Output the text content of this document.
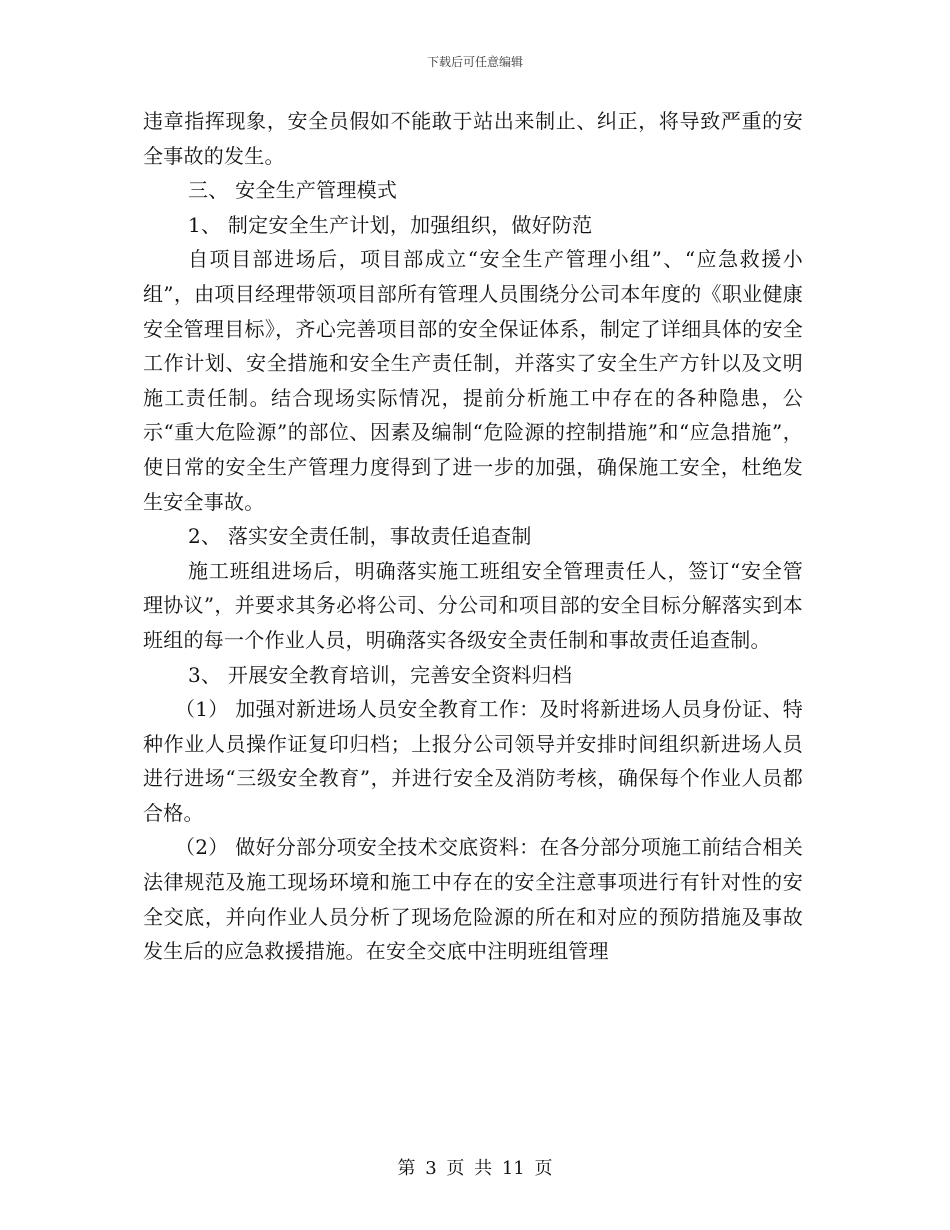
下载后可任意编辑

违章指挥现象，安全员假如不能敢于站出来制止、纠正，将导致严重的安全事故的发生。

三、 安全生产管理模式

1、 制定安全生产计划，加强组织，做好防范

自项目部进场后，项目部成立“安全生产管理小组”、“应急救援小组”，由项目经理带领项目部所有管理人员围绕分公司本年度的《职业健康安全管理目标》，齐心完善项目部的安全保证体系，制定了详细具体的安全工作计划、安全措施和安全生产责任制，并落实了安全生产方针以及文明施工责任制。结合现场实际情况，提前分析施工中存在的各种隐患，公示“重大危险源”的部位、因素及编制“危险源的控制措施”和“应急措施”，使日常的安全生产管理力度得到了进一步的加强，确保施工安全，杜绝发生安全事故。

2、 落实安全责任制，事故责任追查制

施工班组进场后，明确落实施工班组安全管理责任人，签订“安全管理协议”，并要求其务必将公司、分公司和项目部的安全目标分解落实到本班组的每一个作业人员，明确落实各级安全责任制和事故责任追查制。

3、 开展安全教育培训，完善安全资料归档

（1） 加强对新进场人员安全教育工作：及时将新进场人员身份证、特种作业人员操作证复印归档；上报分公司领导并安排时间组织新进场人员进行进场“三级安全教育”，并进行安全及消防考核，确保每个作业人员都合格。

（2） 做好分部分项安全技术交底资料：在各分部分项施工前结合相关法律规范及施工现场环境和施工中存在的安全注意事项进行有针对性的安全交底，并向作业人员分析了现场危险源的所在和对应的预防措施及事故发生后的应急救援措施。在安全交底中注明班组管理

第 3 页 共 11 页
